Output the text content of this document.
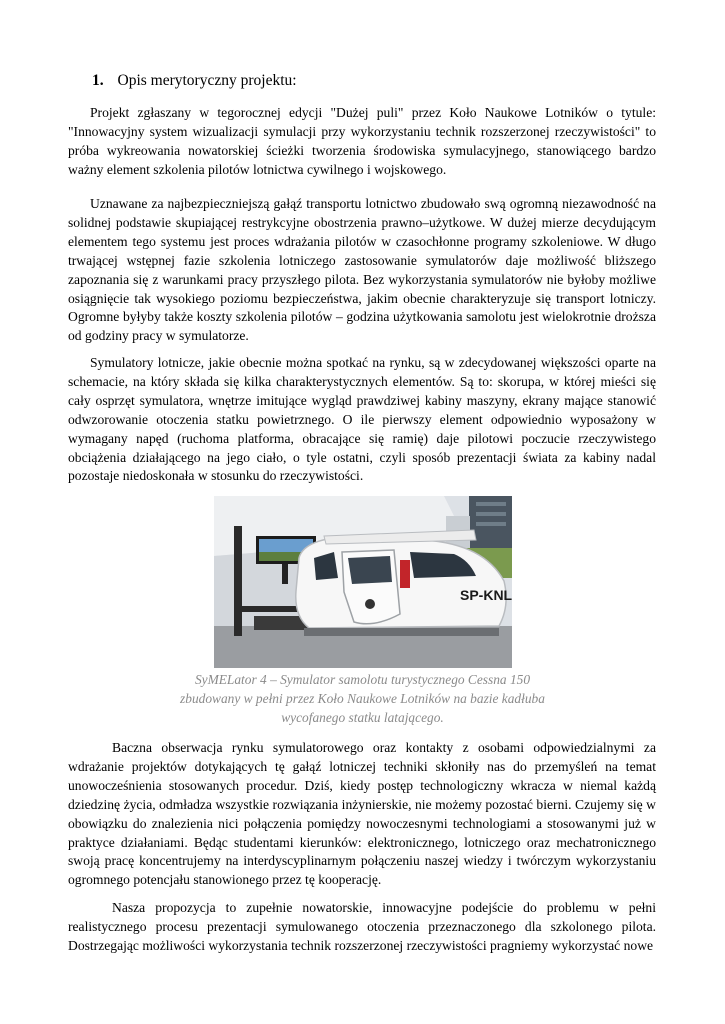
1. Opis merytoryczny projektu:

Projekt zgłaszany w tegorocznej edycji "Dużej puli" przez Koło Naukowe Lotników o tytule: "Innowacyjny system wizualizacji symulacji przy wykorzystaniu technik rozszerzonej rzeczywistości" to próba wykreowania nowatorskiej ścieżki tworzenia środowiska symulacyjnego, stanowiącego bardzo ważny element szkolenia pilotów lotnictwa cywilnego i wojskowego.

Uznawane za najbezpieczniejszą gałąź transportu lotnictwo zbudowało swą ogromną niezawodność na solidnej podstawie skupiającej restrykcyjne obostrzenia prawno–użytkowe. W dużej mierze decydującym elementem tego systemu jest proces wdrażania pilotów w czasochłonne programy szkoleniowe. W długo trwającej wstępnej fazie szkolenia lotniczego zastosowanie symulatorów daje możliwość bliższego zapoznania się z warunkami pracy przyszłego pilota. Bez wykorzystania symulatorów nie byłoby możliwe osiągnięcie tak wysokiego poziomu bezpieczeństwa, jakim obecnie charakteryzuje się transport lotniczy. Ogromne byłyby także koszty szkolenia pilotów – godzina użytkowania samolotu jest wielokrotnie droższa od godziny pracy w symulatorze.

Symulatory lotnicze, jakie obecnie można spotkać na rynku, są w zdecydowanej większości oparte na schemacie, na który składa się kilka charakterystycznych elementów. Są to: skorupa, w której mieści się cały osprzęt symulatora, wnętrze imitujące wygląd prawdziwej kabiny maszyny, ekrany mające stanowić odwzorowanie otoczenia statku powietrznego. O ile pierwszy element odpowiednio wyposażony w wymagany napęd (ruchoma platforma, obracające się ramię) daje pilotowi poczucie rzeczywistego obciążenia działającego na jego ciało, o tyle ostatni, czyli sposób prezentacji świata za kabiny nadal pozostaje niedoskonała w stosunku do rzeczywistości.

SP-KNL
SyMELator 4 – Symulator samolotu turystycznego Cessna 150
zbudowany w pełni przez Koło Naukowe Lotników na bazie kadłuba
wycofanego statku latającego.

Baczna obserwacja rynku symulatorowego oraz kontakty z osobami odpowiedzialnymi za wdrażanie projektów dotykających tę gałąź lotniczej techniki skłoniły nas do przemyśleń na temat unowocześnienia stosowanych procedur. Dziś, kiedy postęp technologiczny wkracza w niemal każdą dziedzinę życia, odmładza wszystkie rozwiązania inżynierskie, nie możemy pozostać bierni. Czujemy się w obowiązku do znalezienia nici połączenia pomiędzy nowoczesnymi technologiami a stosowanymi już w praktyce działaniami. Będąc studentami kierunków: elektronicznego, lotniczego oraz mechatronicznego swoją pracę koncentrujemy na interdyscyplinarnym połączeniu naszej wiedzy i twórczym wykorzystaniu ogromnego potencjału stanowionego przez tę kooperację.

Nasza propozycja to zupełnie nowatorskie, innowacyjne podejście do problemu w pełni realistycznego procesu prezentacji symulowanego otoczenia przeznaczonego dla szkolonego pilota. Dostrzegając możliwości wykorzystania technik rozszerzonej rzeczywistości pragniemy wykorzystać nowe
